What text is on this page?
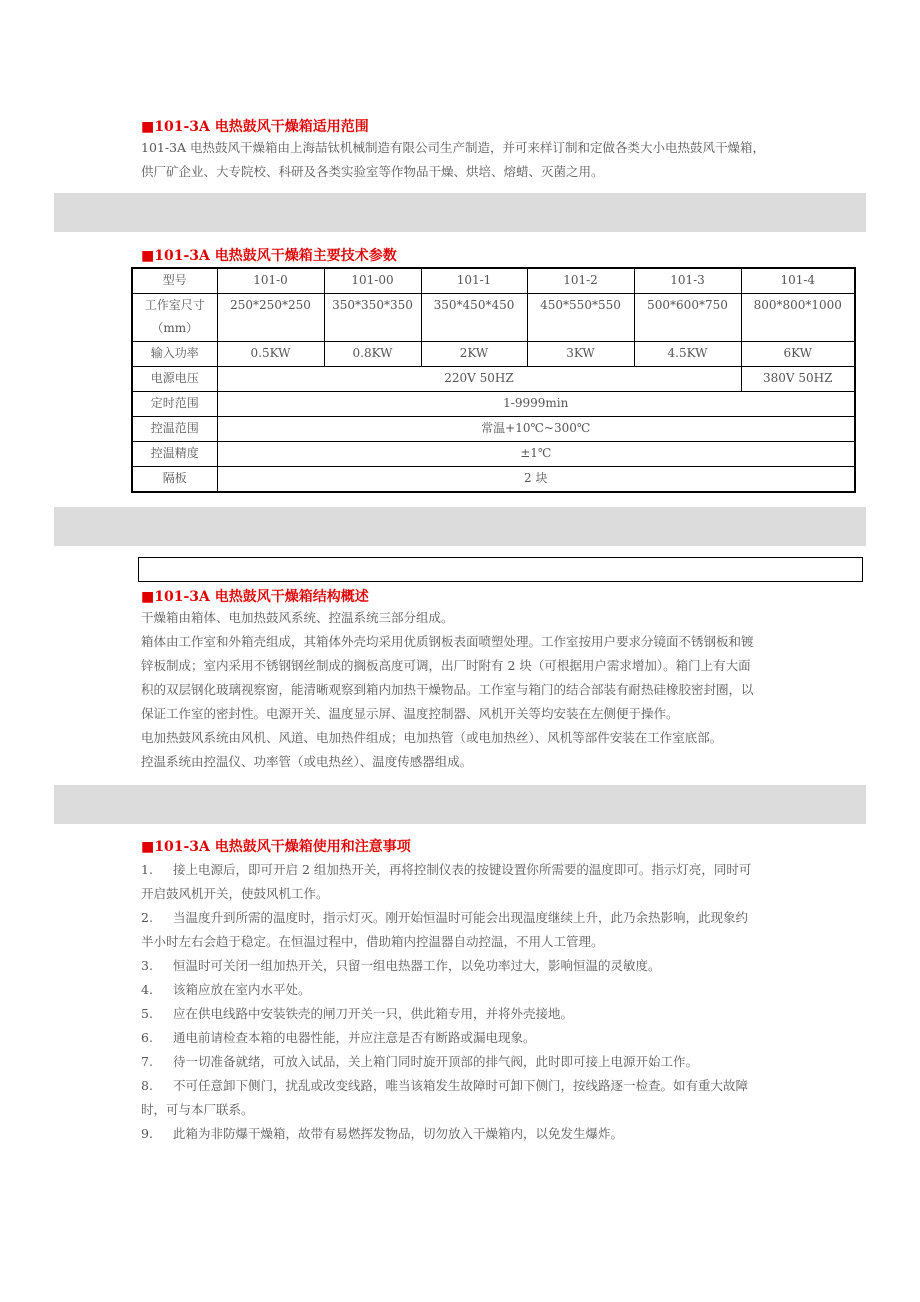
■101-3A 电热鼓风干燥箱适用范围
101-3A 电热鼓风干燥箱由上海喆钛机械制造有限公司生产制造，并可来样订制和定做各类大小电热鼓风干燥箱，
供厂矿企业、大专院校、科研及各类实验室等作物品干燥、烘培、熔蜡、灭菌之用。
■101-3A 电热鼓风干燥箱主要技术参数
型号	101-0	101-00	101-1	101-2	101-3	101-4
工作室尺寸（mm）	250*250*250	350*350*350	350*450*450	450*550*550	500*600*750	800*800*1000
输入功率	0.5KW	0.8KW	2KW	3KW	4.5KW	6KW
电源电压	220V 50HZ					380V 50HZ
定时范围	1-9999min					
控温范围	常温+10℃~300℃					
控温精度	±1℃					
隔板	2 块					
■101-3A 电热鼓风干燥箱结构概述
干燥箱由箱体、电加热鼓风系统、控温系统三部分组成。
箱体由工作室和外箱壳组成，其箱体外壳均采用优质钢板表面喷塑处理。工作室按用户要求分镜面不锈钢板和镀
锌板制成；室内采用不锈钢钢丝制成的搁板高度可调，出厂时附有 2 块（可根据用户需求增加）。箱门上有大面
积的双层钢化玻璃视察窗，能清晰观察到箱内加热干燥物品。工作室与箱门的结合部装有耐热硅橡胶密封圈，以
保证工作室的密封性。电源开关、温度显示屏、温度控制器、风机开关等均安装在左侧便于操作。
电加热鼓风系统由风机、风道、电加热件组成；电加热管（或电加热丝）、风机等部件安装在工作室底部。
控温系统由控温仪、功率管（或电热丝）、温度传感器组成。
■101-3A 电热鼓风干燥箱使用和注意事项
1. 接上电源后，即可开启 2 组加热开关，再将控制仪表的按键设置你所需要的温度即可。指示灯亮，同时可
开启鼓风机开关，使鼓风机工作。
2. 当温度升到所需的温度时，指示灯灭。刚开始恒温时可能会出现温度继续上升，此乃余热影响，此现象约
半小时左右会趋于稳定。在恒温过程中，借助箱内控温器自动控温，不用人工管理。
3. 恒温时可关闭一组加热开关，只留一组电热器工作，以免功率过大，影响恒温的灵敏度。
4. 该箱应放在室内水平处。
5. 应在供电线路中安装铁壳的闸刀开关一只，供此箱专用，并将外壳接地。
6. 通电前请检查本箱的电器性能，并应注意是否有断路或漏电现象。
7. 待一切准备就绪，可放入试品，关上箱门同时旋开顶部的排气阀，此时即可接上电源开始工作。
8. 不可任意卸下侧门，扰乱或改变线路，唯当该箱发生故障时可卸下侧门，按线路逐一检查。如有重大故障
时，可与本厂联系。
9. 此箱为非防爆干燥箱，故带有易燃挥发物品，切勿放入干燥箱内，以免发生爆炸。
